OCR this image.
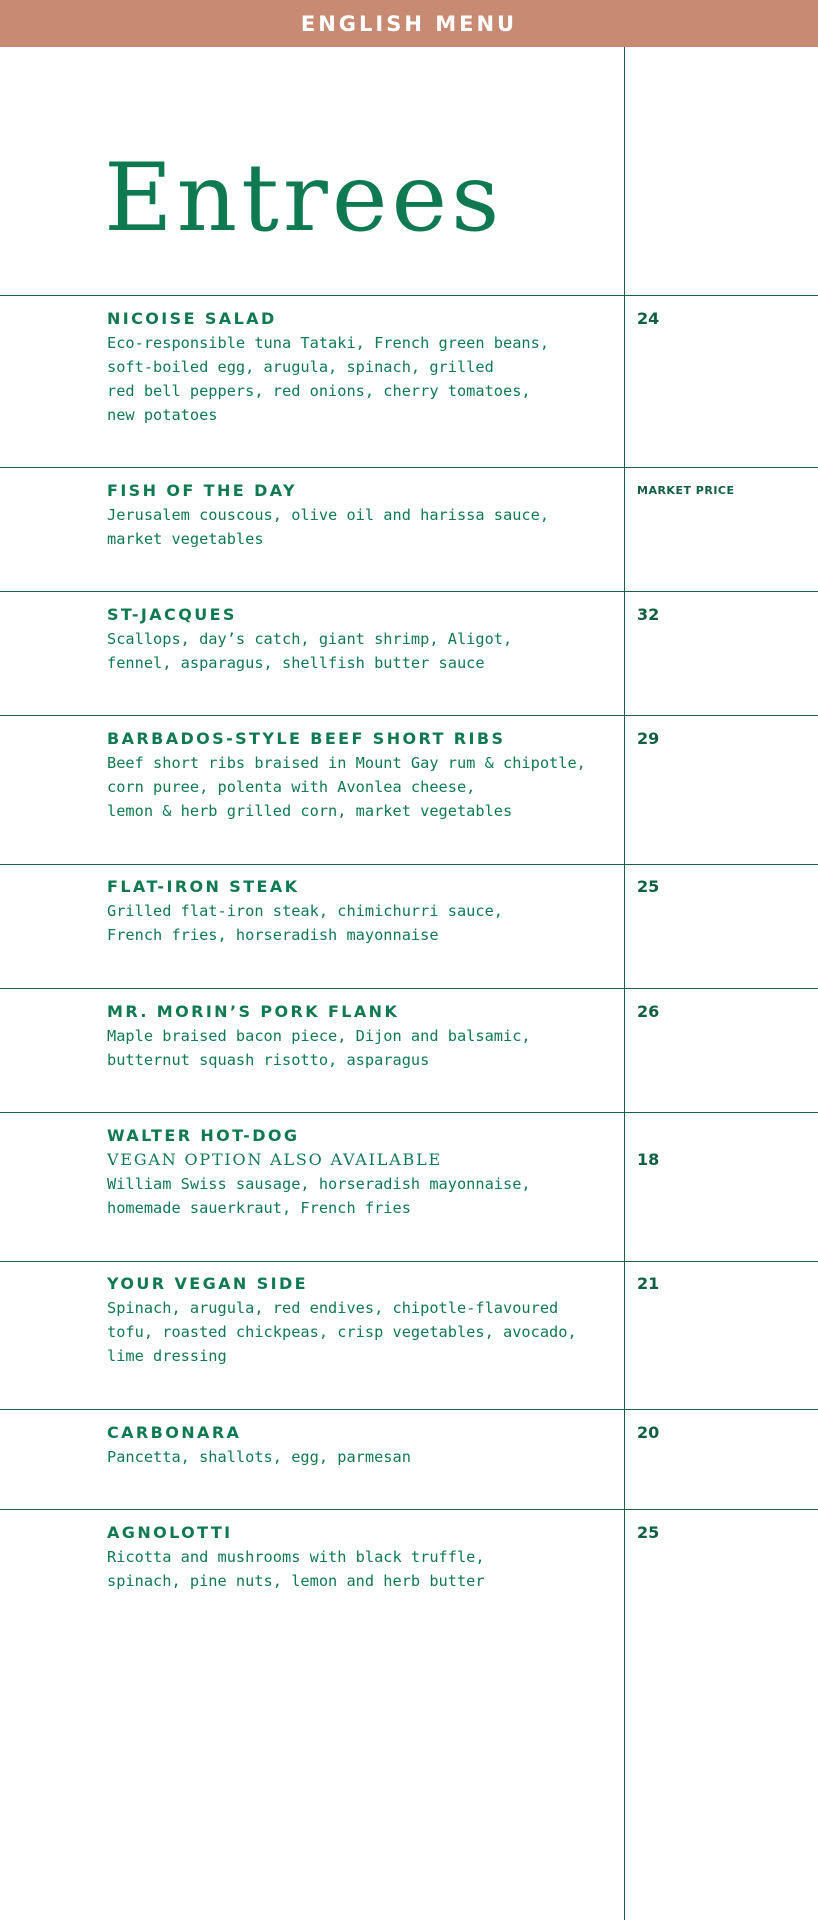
ENGLISH MENU
Entrees
NICOISE SALAD
Eco-responsible tuna Tataki, French green beans,
soft-boiled egg, arugula, spinach, grilled
red bell peppers, red onions, cherry tomatoes,
new potatoes
24
FISH OF THE DAY
Jerusalem couscous, olive oil and harissa sauce,
market vegetables
MARKET PRICE
ST-JACQUES
Scallops, day’s catch, giant shrimp, Aligot,
fennel, asparagus, shellfish butter sauce
32
BARBADOS-STYLE BEEF SHORT RIBS
Beef short ribs braised in Mount Gay rum & chipotle,
corn puree, polenta with Avonlea cheese,
lemon & herb grilled corn, market vegetables
29
FLAT-IRON STEAK
Grilled flat-iron steak, chimichurri sauce,
French fries, horseradish mayonnaise
25
MR. MORIN’S PORK FLANK
Maple braised bacon piece, Dijon and balsamic,
butternut squash risotto, asparagus
26
WALTER HOT-DOG
VEGAN OPTION ALSO AVAILABLE
William Swiss sausage, horseradish mayonnaise,
homemade sauerkraut, French fries
18
YOUR VEGAN SIDE
Spinach, arugula, red endives, chipotle-flavoured
tofu, roasted chickpeas, crisp vegetables, avocado,
lime dressing
21
CARBONARA
Pancetta, shallots, egg, parmesan
20
AGNOLOTTI
Ricotta and mushrooms with black truffle,
spinach, pine nuts, lemon and herb butter
25
